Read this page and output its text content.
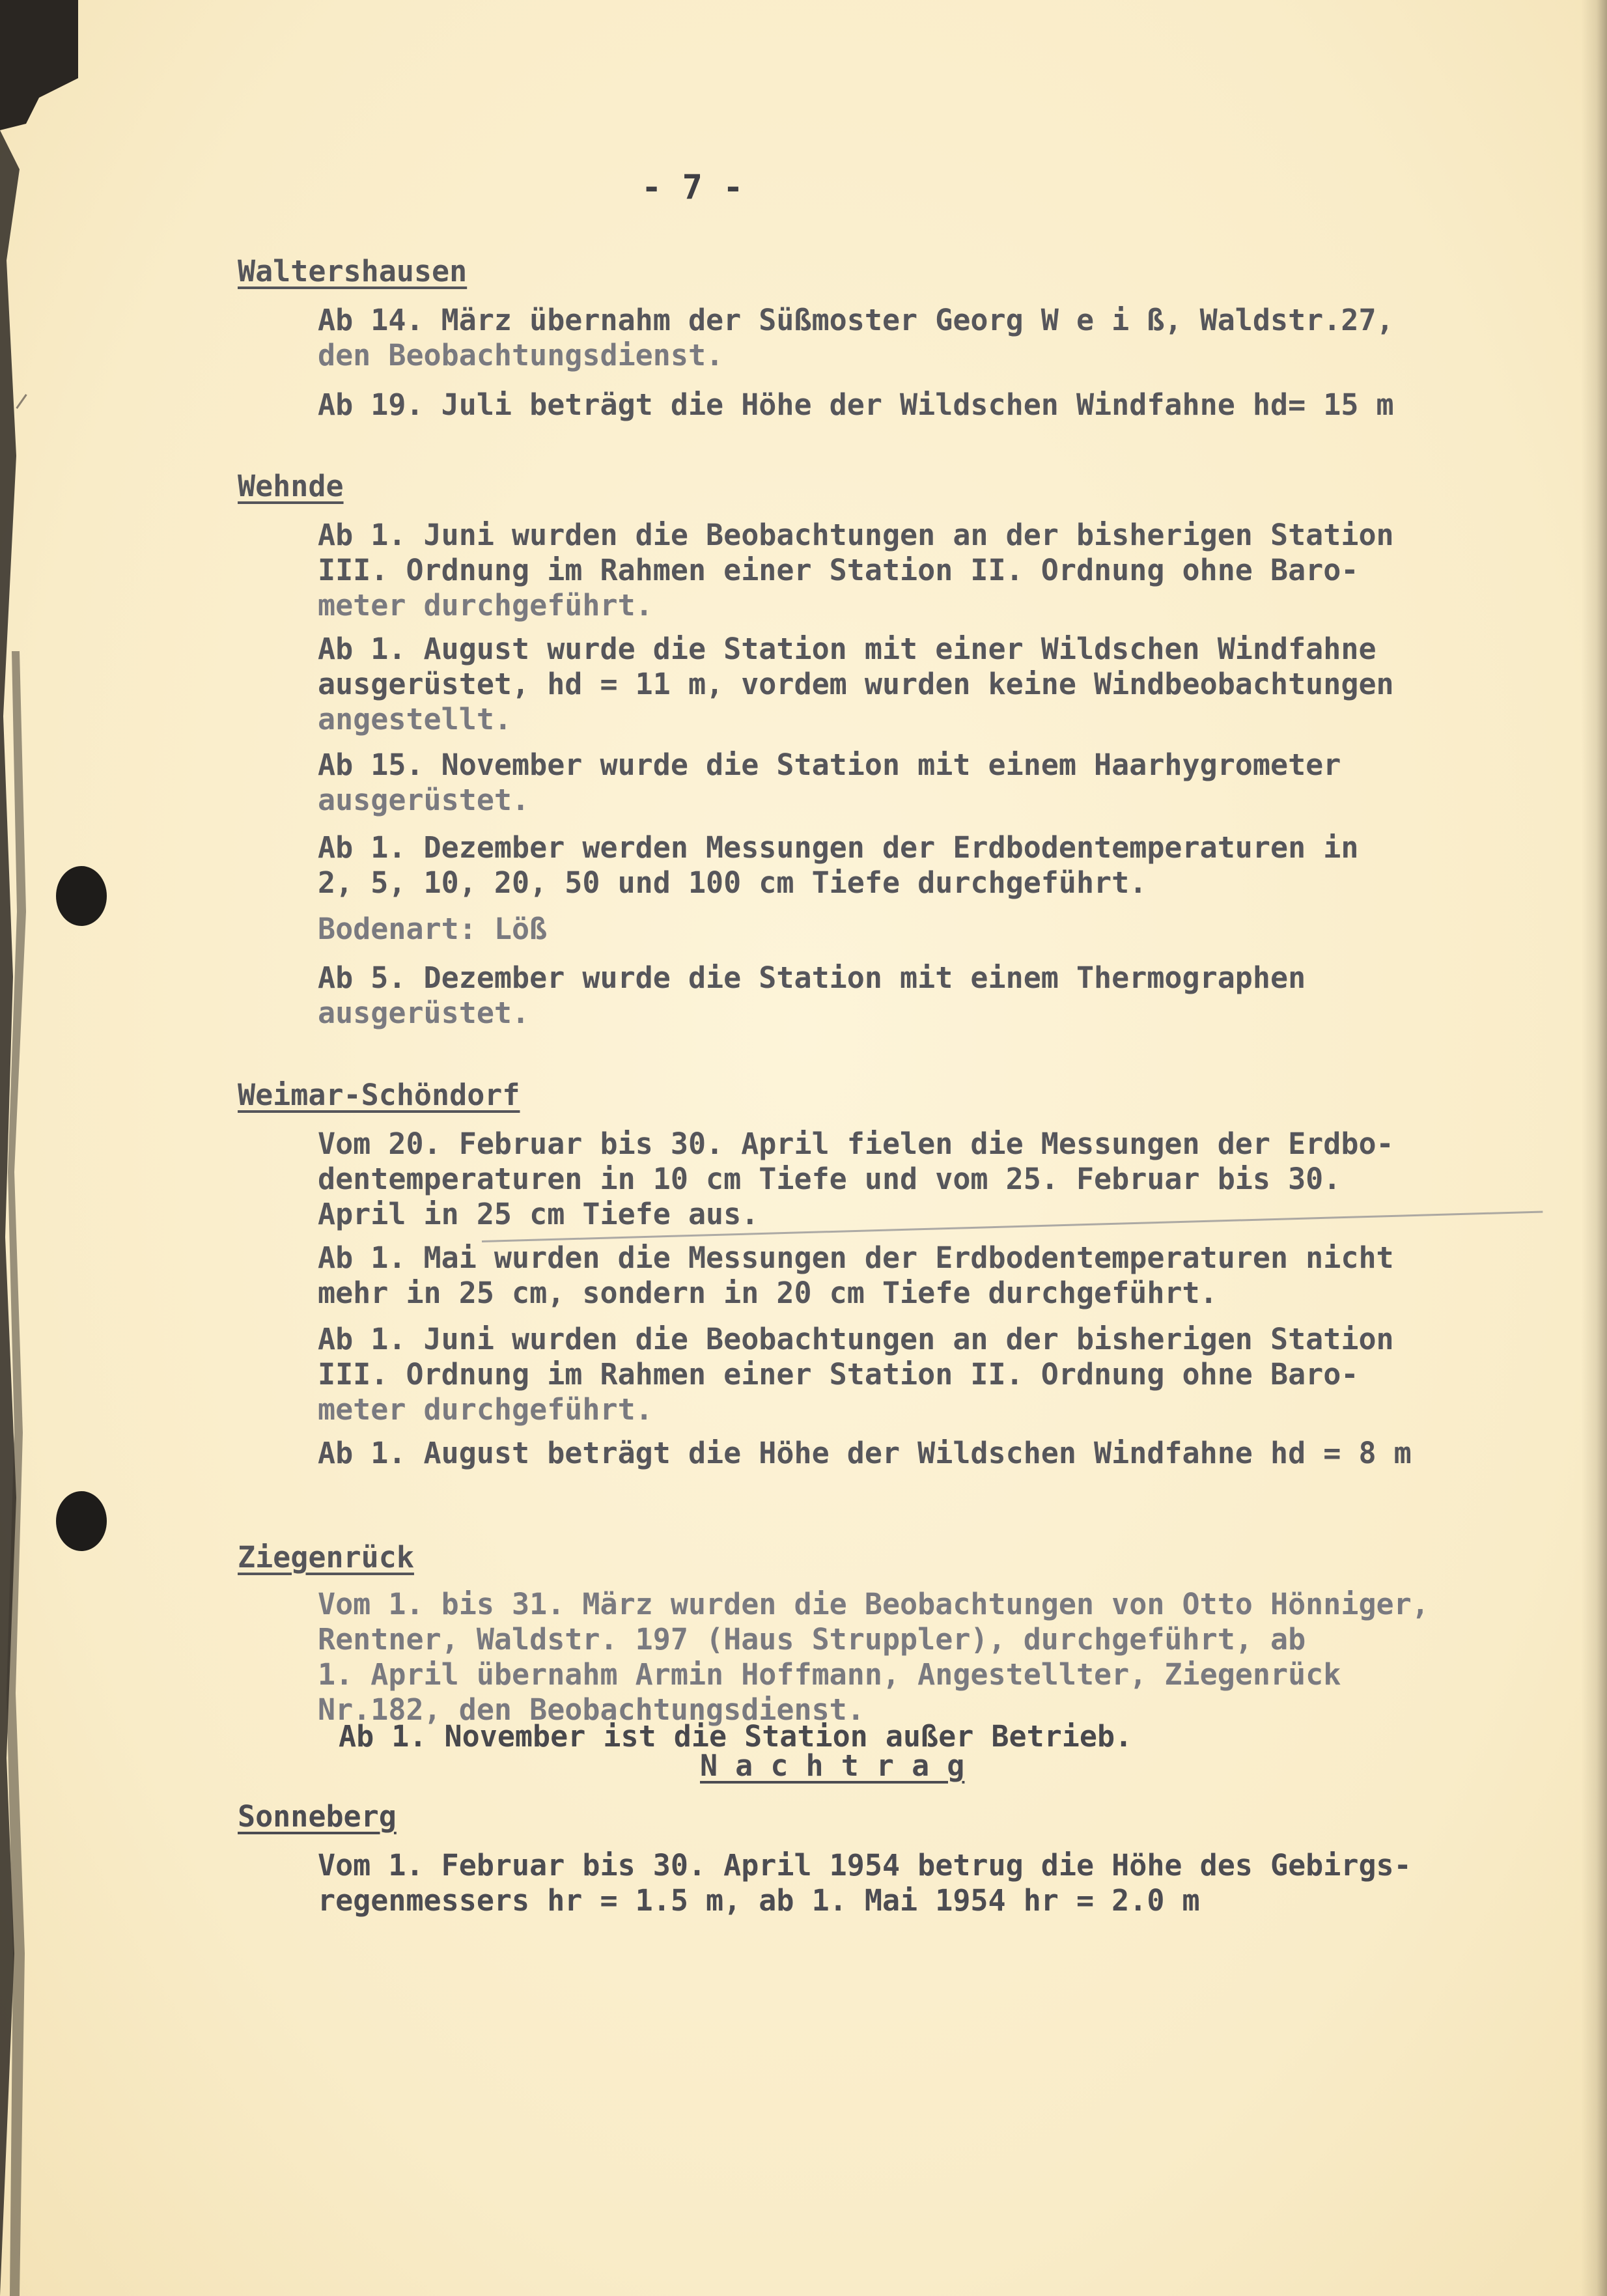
- 7 -
Waltershausen
Ab 14. März übernahm der Süßmoster Georg W e i ß, Waldstr.27,
den Beobachtungsdienst.
Ab 19. Juli beträgt die Höhe der Wildschen Windfahne hd= 15 m
Wehnde
Ab 1. Juni wurden die Beobachtungen an der bisherigen Station
III. Ordnung im Rahmen einer Station II. Ordnung ohne Baro-
meter durchgeführt.
Ab 1. August wurde die Station mit einer Wildschen Windfahne
ausgerüstet, hd = 11 m, vordem wurden keine Windbeobachtungen
angestellt.
Ab 15. November wurde die Station mit einem Haarhygrometer
ausgerüstet.
Ab 1. Dezember werden Messungen der Erdbodentemperaturen in
2, 5, 10, 20, 50 und 100 cm Tiefe durchgeführt.
Bodenart: Löß
Ab 5. Dezember wurde die Station mit einem Thermographen
ausgerüstet.
Weimar-Schöndorf
Vom 20. Februar bis 30. April fielen die Messungen der Erdbo-
dentemperaturen in 10 cm Tiefe und vom 25. Februar bis 30.
April in 25 cm Tiefe aus.
Ab 1. Mai wurden die Messungen der Erdbodentemperaturen nicht
mehr in 25 cm, sondern in 20 cm Tiefe durchgeführt.
Ab 1. Juni wurden die Beobachtungen an der bisherigen Station
III. Ordnung im Rahmen einer Station II. Ordnung ohne Baro-
meter durchgeführt.
Ab 1. August beträgt die Höhe der Wildschen Windfahne hd = 8 m
Ziegenrück
Vom 1. bis 31. März wurden die Beobachtungen von Otto Hönniger,
Rentner, Waldstr. 197 (Haus Struppler), durchgeführt, ab
1. April übernahm Armin Hoffmann, Angestellter, Ziegenrück
Nr.182, den Beobachtungsdienst.
Ab 1. November ist die Station außer Betrieb.
N a c h t r a g
Sonneberg
Vom 1. Februar bis 30. April 1954 betrug die Höhe des Gebirgs-
regenmessers hr = 1.5 m, ab 1. Mai 1954 hr = 2.0 m
